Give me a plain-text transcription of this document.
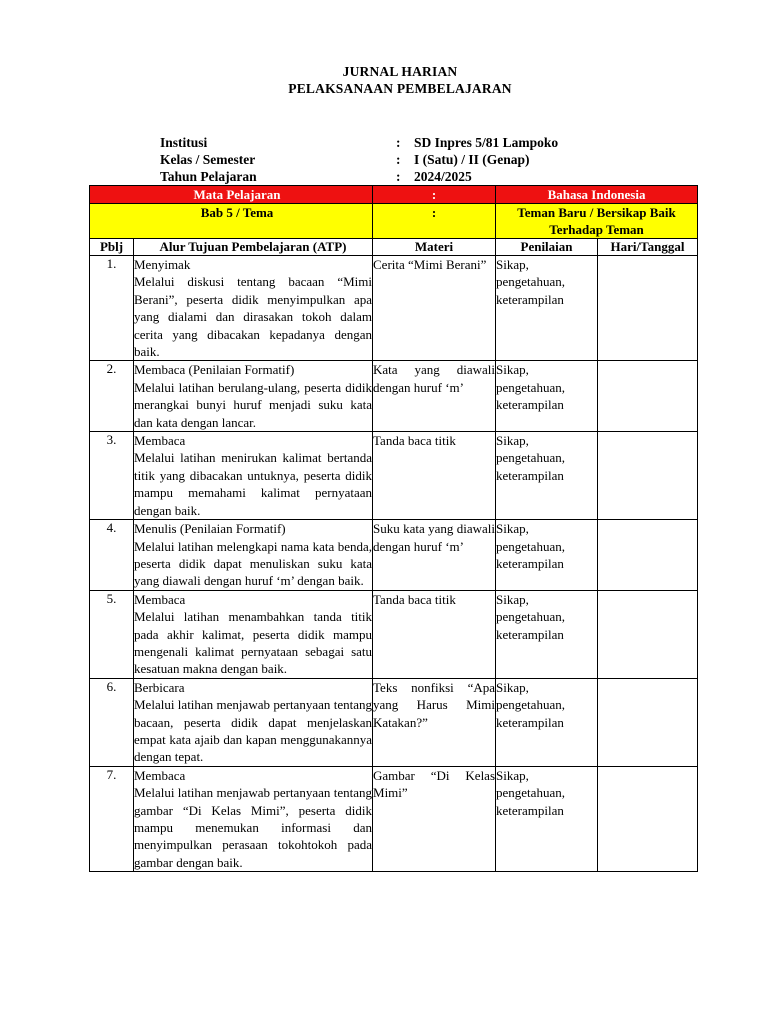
JURNAL HARIAN
PELAKSANAAN PEMBELAJARAN
Institusi	: SD Inpres 5/81 Lampoko
Kelas / Semester	: I (Satu) / II (Genap)
Tahun Pelajaran	: 2024/2025
Mata Pelajaran		:	Bahasa Indonesia	
Bab 5 / Tema		:	Teman Baru / Bersikap Baik Terhadap Teman	
Pblj	Alur Tujuan Pembelajaran (ATP)	Materi	Penilaian	Hari/Tanggal
1.	Menyimak
Melalui diskusi tentang bacaan “Mimi Berani”, peserta didik menyimpulkan apa yang dialami dan dirasakan tokoh dalam cerita yang dibacakan kepadanya dengan baik.	Cerita “Mimi Berani”	Sikap, pengetahuan, keterampilan	
2.	Membaca (Penilaian Formatif)
Melalui latihan berulang-ulang, peserta didik merangkai bunyi huruf menjadi suku kata dan kata dengan lancar.	Kata yang diawali dengan huruf ‘m’	Sikap, pengetahuan, keterampilan	
3.	Membaca
Melalui latihan menirukan kalimat bertanda titik yang dibacakan untuknya, peserta didik mampu memahami kalimat pernyataan dengan baik.	Tanda baca titik	Sikap, pengetahuan, keterampilan	
4.	Menulis (Penilaian Formatif)
Melalui latihan melengkapi nama kata benda, peserta didik dapat menuliskan suku kata yang diawali dengan huruf ‘m’ dengan baik.	Suku kata yang diawali dengan huruf ‘m’	Sikap, pengetahuan, keterampilan	
5.	Membaca
Melalui latihan menambahkan tanda titik pada akhir kalimat, peserta didik mampu mengenali kalimat pernyataan sebagai satu kesatuan makna dengan baik.	Tanda baca titik	Sikap, pengetahuan, keterampilan	
6.	Berbicara
Melalui latihan menjawab pertanyaan tentang bacaan, peserta didik dapat menjelaskan empat kata ajaib dan kapan menggunakannya dengan tepat.	Teks nonfiksi “Apa yang Harus Mimi Katakan?”	Sikap, pengetahuan, keterampilan	
7.	Membaca
Melalui latihan menjawab pertanyaan tentang gambar “Di Kelas Mimi”, peserta didik mampu menemukan informasi dan menyimpulkan perasaan tokohtokoh pada gambar dengan baik.	Gambar “Di Kelas Mimi”	Sikap, pengetahuan, keterampilan	
